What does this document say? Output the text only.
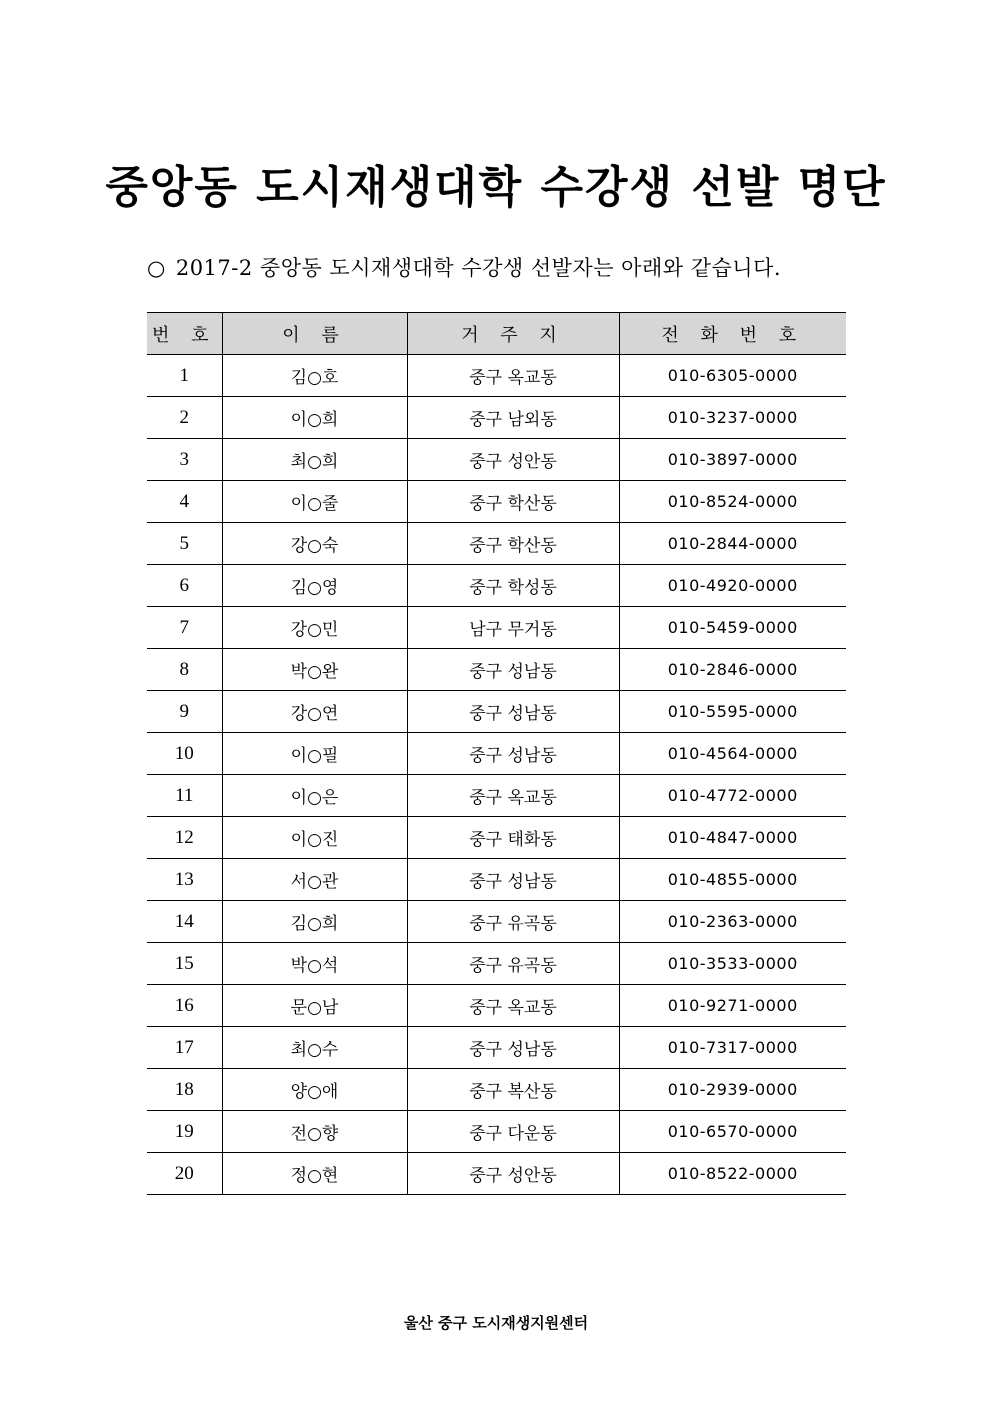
중앙동 도시재생대학 수강생 선발 명단
○ 2017-2 중앙동 도시재생대학 수강생 선발자는 아래와 같습니다.
번 호	이 름	거 주 지	전 화 번 호
1	김○호	중구 옥교동	010-6305-0000
2	이○희	중구 남외동	010-3237-0000
3	최○희	중구 성안동	010-3897-0000
4	이○줄	중구 학산동	010-8524-0000
5	강○숙	중구 학산동	010-2844-0000
6	김○영	중구 학성동	010-4920-0000
7	강○민	남구 무거동	010-5459-0000
8	박○완	중구 성남동	010-2846-0000
9	강○연	중구 성남동	010-5595-0000
10	이○필	중구 성남동	010-4564-0000
11	이○은	중구 옥교동	010-4772-0000
12	이○진	중구 태화동	010-4847-0000
13	서○관	중구 성남동	010-4855-0000
14	김○희	중구 유곡동	010-2363-0000
15	박○석	중구 유곡동	010-3533-0000
16	문○남	중구 옥교동	010-9271-0000
17	최○수	중구 성남동	010-7317-0000
18	양○애	중구 복산동	010-2939-0000
19	전○향	중구 다운동	010-6570-0000
20	정○현	중구 성안동	010-8522-0000
울산 중구 도시재생지원센터
